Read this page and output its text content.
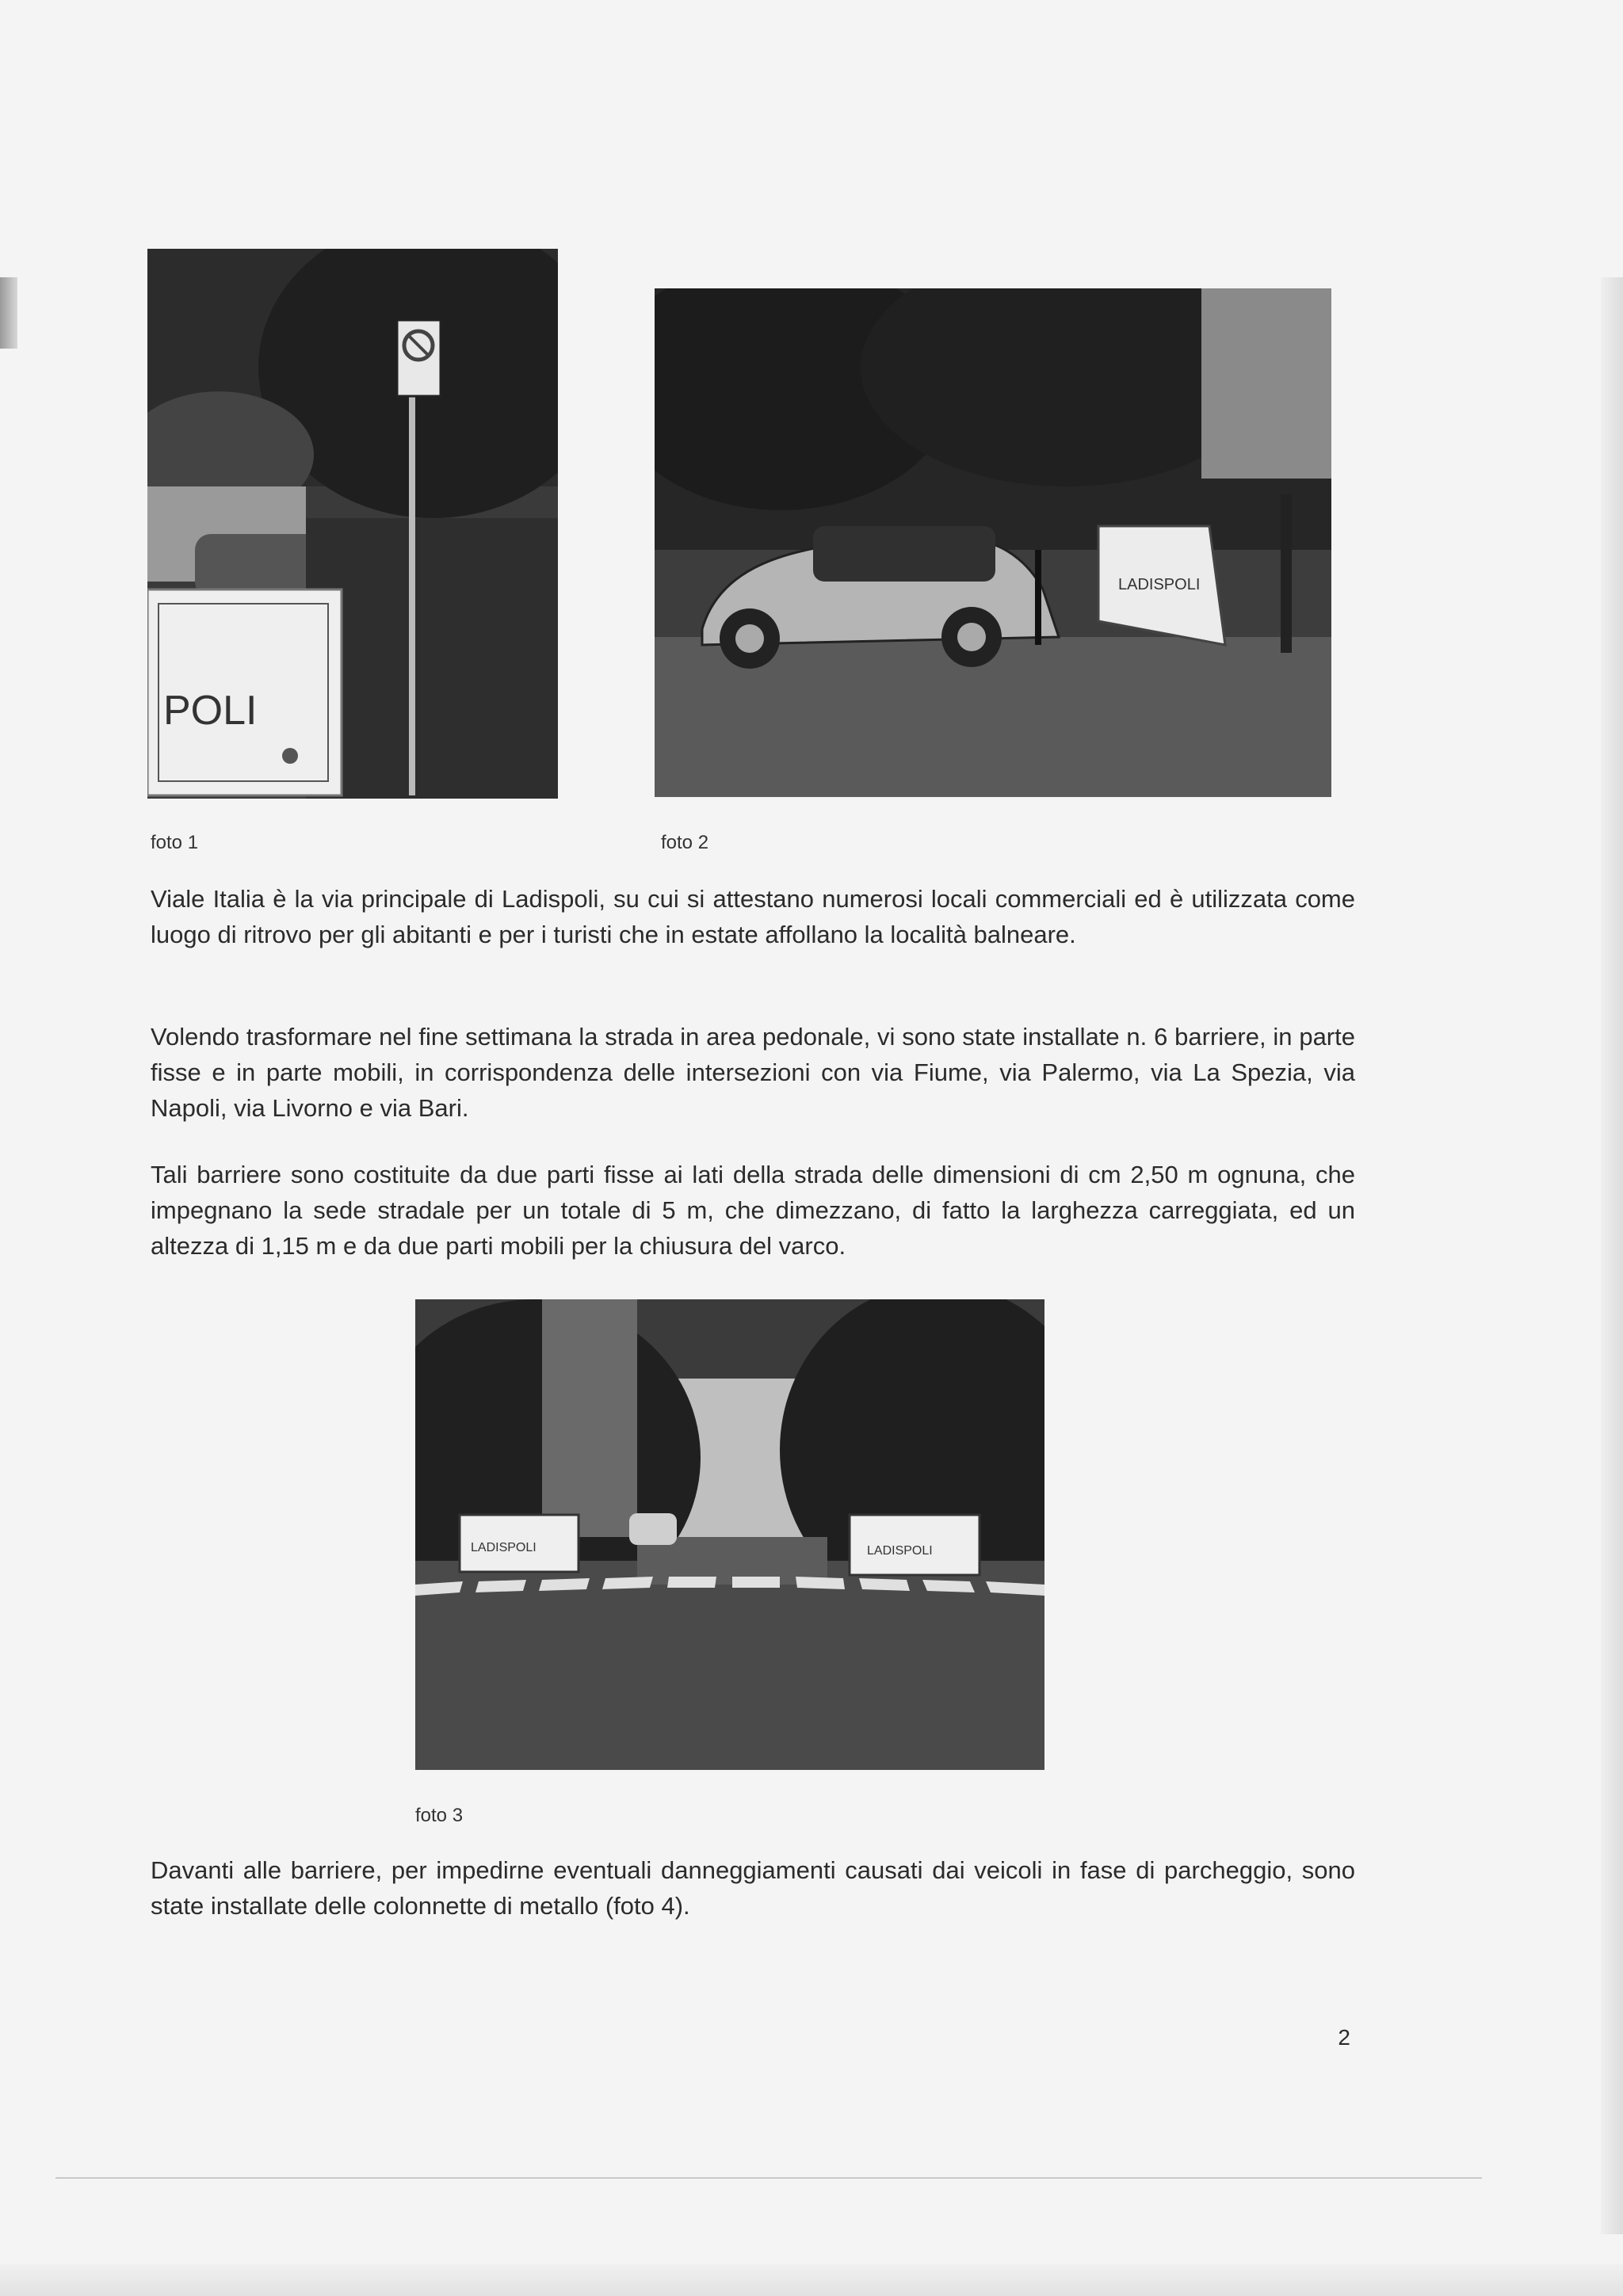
POLI
foto 1
LADISPOLI
foto 2
Viale Italia è la via principale di Ladispoli, su cui si attestano numerosi locali commerciali ed è utilizzata come luogo di ritrovo per gli abitanti e per i turisti che in estate affollano la località balneare.
Volendo trasformare nel fine settimana la strada in area pedonale, vi sono state installate n. 6 barriere, in parte fisse e in parte mobili, in corrispondenza delle intersezioni con via Fiume, via Palermo, via La Spezia, via Napoli, via Livorno e via Bari.
Tali barriere sono costituite da due parti fisse ai lati della strada delle dimensioni di cm 2,50 m ognuna, che impegnano la sede stradale per un totale di 5 m, che dimezzano, di fatto la larghezza carreggiata, ed un altezza di 1,15 m e da due parti mobili per la chiusura del varco.
LADISPOLI	LADISPOLI
foto 3
Davanti alle barriere, per impedirne eventuali danneggiamenti causati dai veicoli in fase di parcheggio, sono state installate delle colonnette di metallo (foto 4).
2
